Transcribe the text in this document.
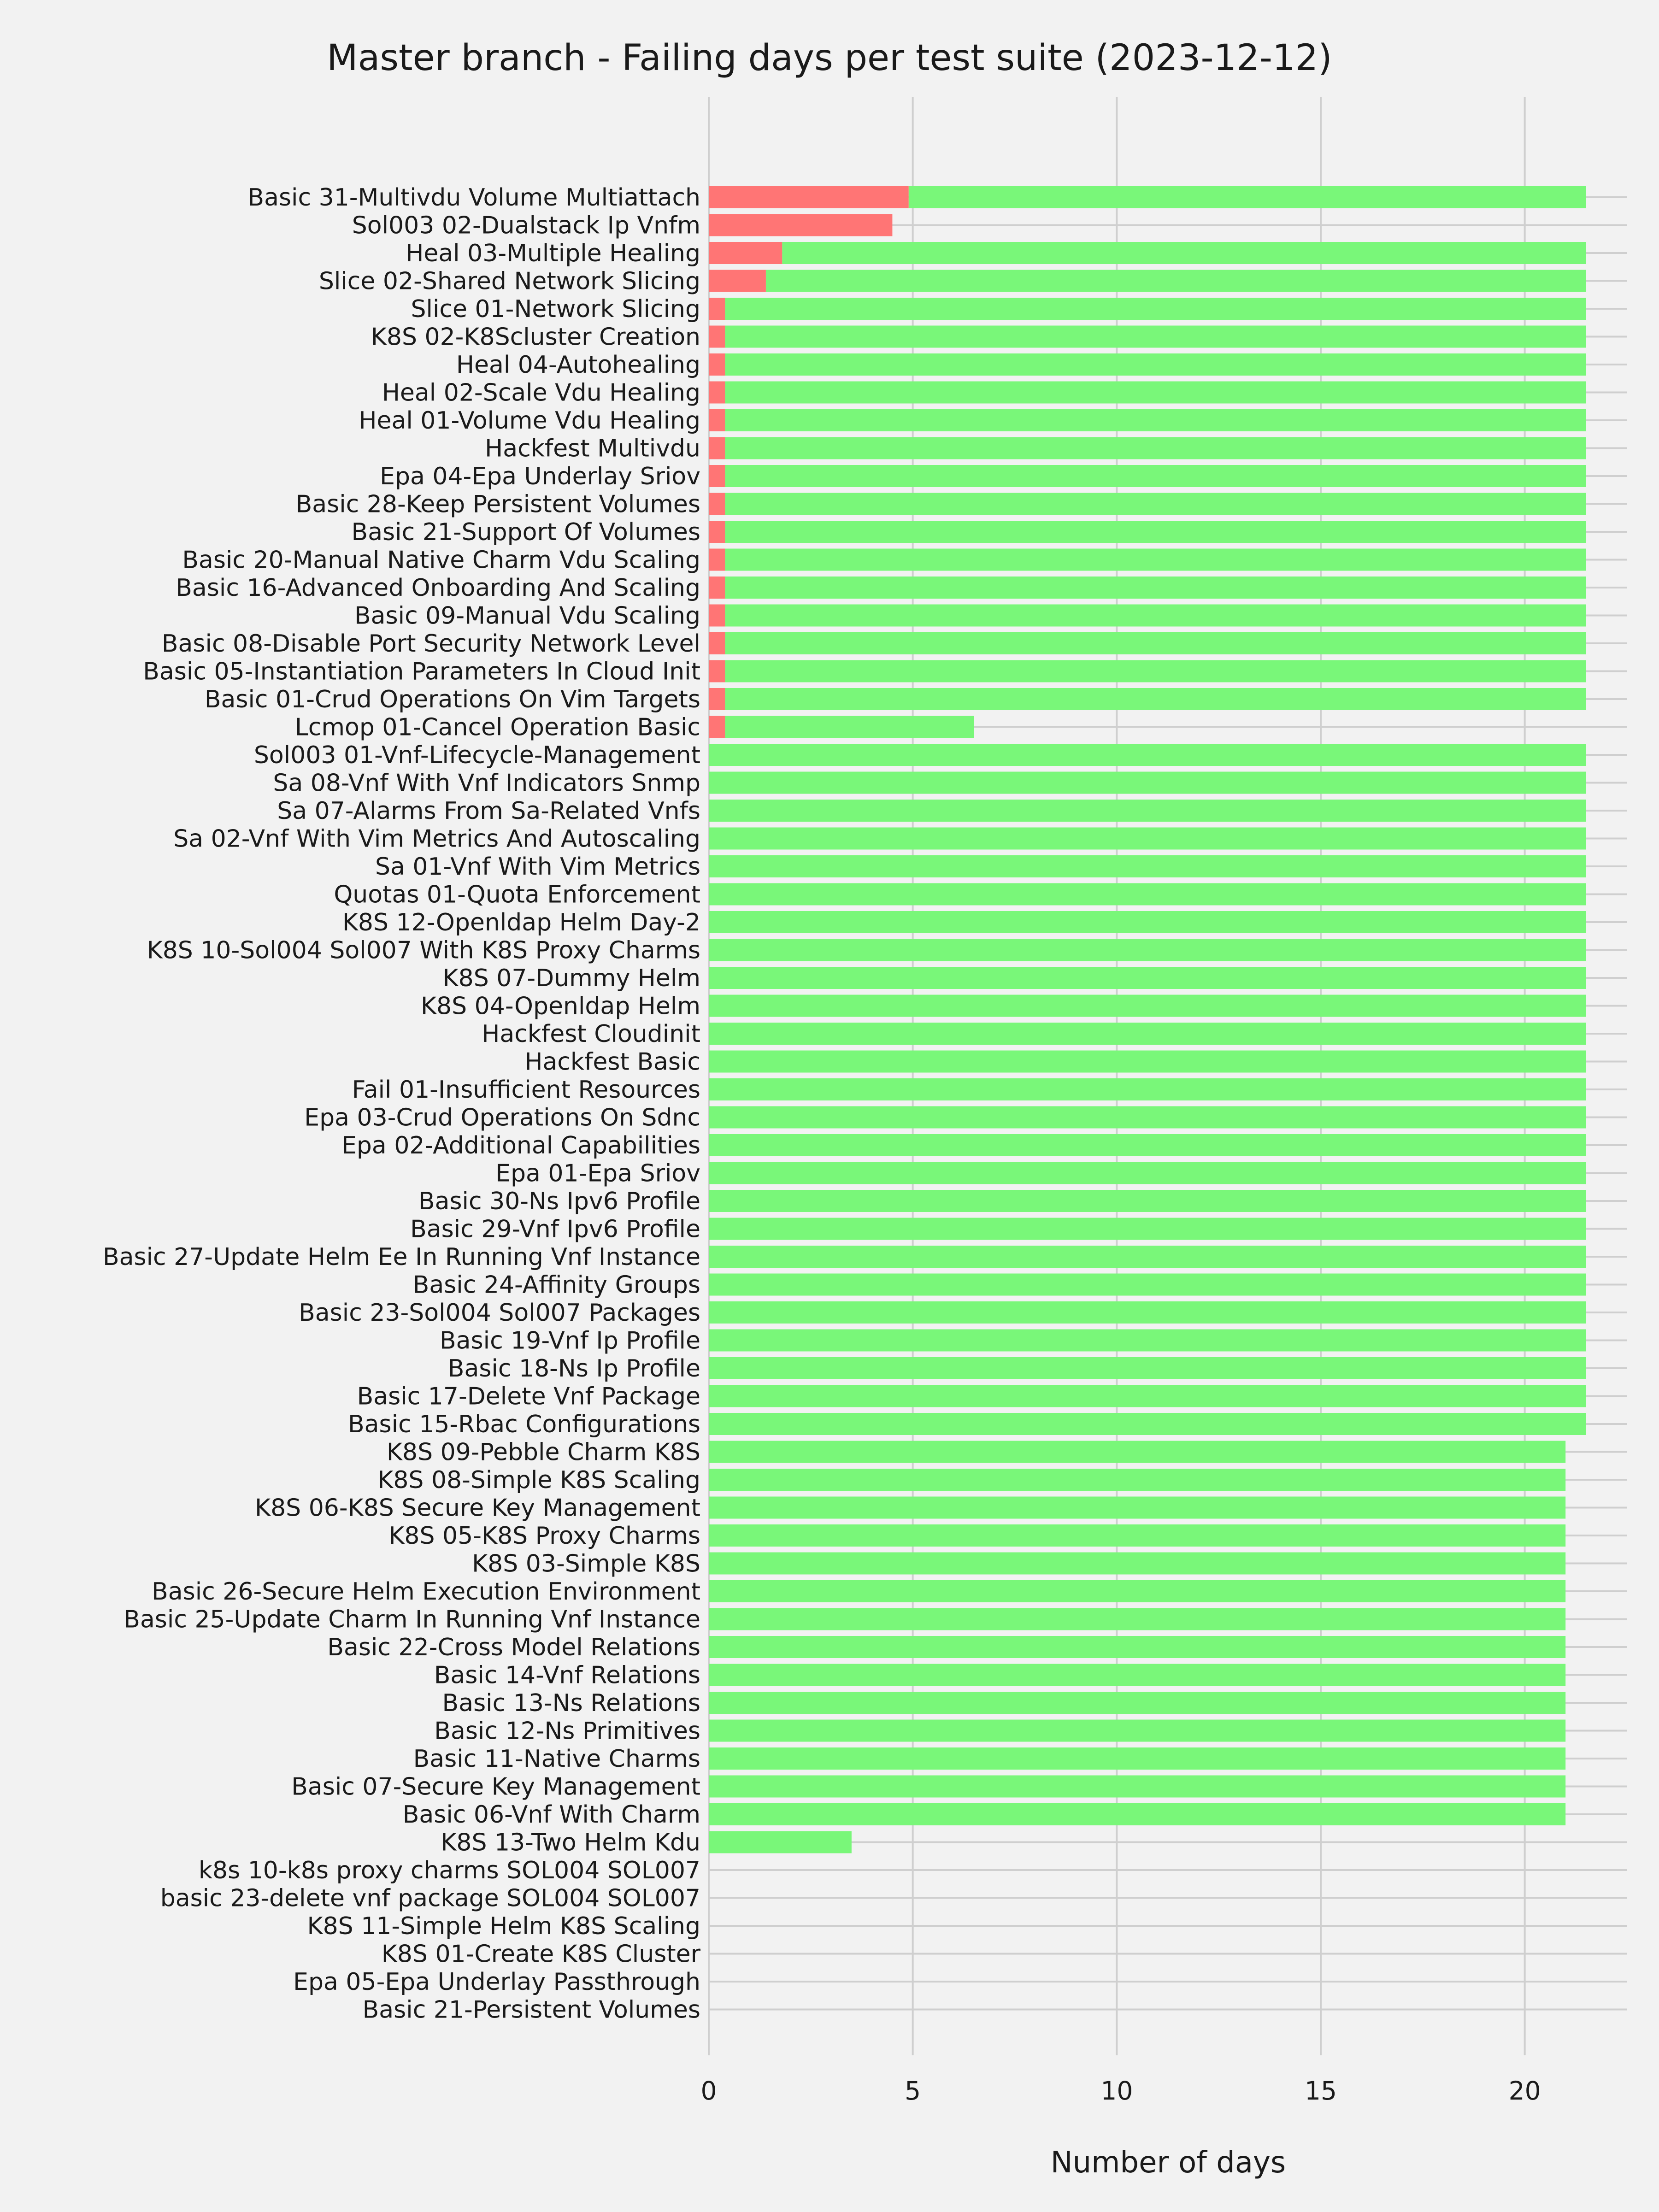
Master branch - Failing days per test suite (2023-12-12)
Basic 31-Multivdu Volume Multiattach
Sol003 02-Dualstack Ip Vnfm
Heal 03-Multiple Healing
Slice 02-Shared Network Slicing
Slice 01-Network Slicing
K8S 02-K8Scluster Creation
Heal 04-Autohealing
Heal 02-Scale Vdu Healing
Heal 01-Volume Vdu Healing
Hackfest Multivdu
Epa 04-Epa Underlay Sriov
Basic 28-Keep Persistent Volumes
Basic 21-Support Of Volumes
Basic 20-Manual Native Charm Vdu Scaling
Basic 16-Advanced Onboarding And Scaling
Basic 09-Manual Vdu Scaling
Basic 08-Disable Port Security Network Level
Basic 05-Instantiation Parameters In Cloud Init
Basic 01-Crud Operations On Vim Targets
Lcmop 01-Cancel Operation Basic
Sol003 01-Vnf-Lifecycle-Management
Sa 08-Vnf With Vnf Indicators Snmp
Sa 07-Alarms From Sa-Related Vnfs
Sa 02-Vnf With Vim Metrics And Autoscaling
Sa 01-Vnf With Vim Metrics
Quotas 01-Quota Enforcement
K8S 12-Openldap Helm Day-2
K8S 10-Sol004 Sol007 With K8S Proxy Charms
K8S 07-Dummy Helm
K8S 04-Openldap Helm
Hackfest Cloudinit
Hackfest Basic
Fail 01-Insufficient Resources
Epa 03-Crud Operations On Sdnc
Epa 02-Additional Capabilities
Epa 01-Epa Sriov
Basic 30-Ns Ipv6 Profile
Basic 29-Vnf Ipv6 Profile
Basic 27-Update Helm Ee In Running Vnf Instance
Basic 24-Affinity Groups
Basic 23-Sol004 Sol007 Packages
Basic 19-Vnf Ip Profile
Basic 18-Ns Ip Profile
Basic 17-Delete Vnf Package
Basic 15-Rbac Configurations
K8S 09-Pebble Charm K8S
K8S 08-Simple K8S Scaling
K8S 06-K8S Secure Key Management
K8S 05-K8S Proxy Charms
K8S 03-Simple K8S
Basic 26-Secure Helm Execution Environment
Basic 25-Update Charm In Running Vnf Instance
Basic 22-Cross Model Relations
Basic 14-Vnf Relations
Basic 13-Ns Relations
Basic 12-Ns Primitives
Basic 11-Native Charms
Basic 07-Secure Key Management
Basic 06-Vnf With Charm
K8S 13-Two Helm Kdu
k8s 10-k8s proxy charms SOL004 SOL007
basic 23-delete vnf package SOL004 SOL007
K8S 11-Simple Helm K8S Scaling
K8S 01-Create K8S Cluster
Epa 05-Epa Underlay Passthrough
Basic 21-Persistent Volumes
0	5	10	15	20
Number of days
